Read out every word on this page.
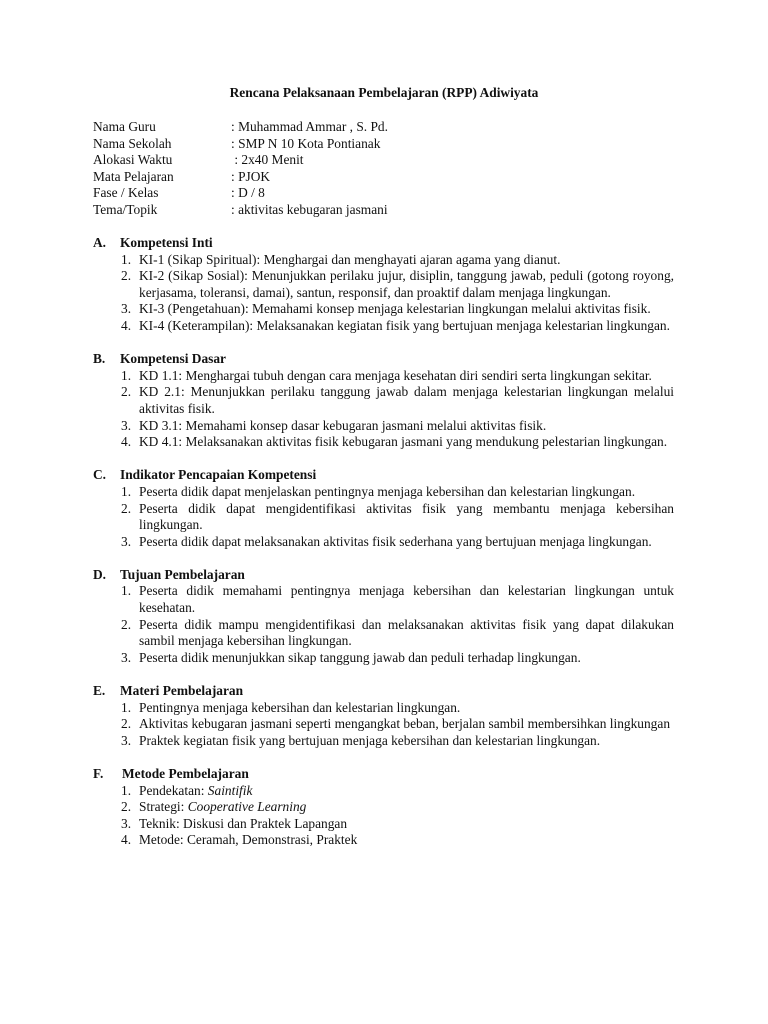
Rencana Pelaksanaan Pembelajaran (RPP) Adiwiyata
Nama Guru	: Muhammad Ammar , S. Pd.
Nama Sekolah	: SMP N 10 Kota Pontianak
Alokasi Waktu	: 2x40 Menit
Mata Pelajaran	: PJOK
Fase / Kelas	: D / 8
Tema/Topik	: aktivitas kebugaran jasmani
A.	Kompetensi Inti
1. KI-1 (Sikap Spiritual): Menghargai dan menghayati ajaran agama yang dianut.
2. KI-2 (Sikap Sosial): Menunjukkan perilaku jujur, disiplin, tanggung jawab, peduli (gotong royong, kerjasama, toleransi, damai), santun, responsif, dan proaktif dalam menjaga lingkungan.
3. KI-3 (Pengetahuan): Memahami konsep menjaga kelestarian lingkungan melalui aktivitas fisik.
4. KI-4 (Keterampilan): Melaksanakan kegiatan fisik yang bertujuan menjaga kelestarian lingkungan.
B.	Kompetensi Dasar
1. KD 1.1: Menghargai tubuh dengan cara menjaga kesehatan diri sendiri serta lingkungan sekitar.
2. KD 2.1: Menunjukkan perilaku tanggung jawab dalam menjaga kelestarian lingkungan melalui aktivitas fisik.
3. KD 3.1: Memahami konsep dasar kebugaran jasmani melalui aktivitas fisik.
4. KD 4.1: Melaksanakan aktivitas fisik kebugaran jasmani yang mendukung pelestarian lingkungan.
C.	Indikator Pencapaian Kompetensi
1. Peserta didik dapat menjelaskan pentingnya menjaga kebersihan dan kelestarian lingkungan.
2. Peserta didik dapat mengidentifikasi aktivitas fisik yang membantu menjaga kebersihan lingkungan.
3. Peserta didik dapat melaksanakan aktivitas fisik sederhana yang bertujuan menjaga lingkungan.
D.	Tujuan Pembelajaran
1. Peserta didik memahami pentingnya menjaga kebersihan dan kelestarian lingkungan untuk kesehatan.
2. Peserta didik mampu mengidentifikasi dan melaksanakan aktivitas fisik yang dapat dilakukan sambil menjaga kebersihan lingkungan.
3. Peserta didik menunjukkan sikap tanggung jawab dan peduli terhadap lingkungan.
E.	Materi Pembelajaran
1. Pentingnya menjaga kebersihan dan kelestarian lingkungan.
2. Aktivitas kebugaran jasmani seperti mengangkat beban, berjalan sambil membersihkan lingkungan
3. Praktek kegiatan fisik yang bertujuan menjaga kebersihan dan kelestarian lingkungan.
F.	Metode Pembelajaran
1. Pendekatan: Saintifik
2. Strategi: Cooperative Learning
3. Teknik: Diskusi dan Praktek Lapangan
4. Metode: Ceramah, Demonstrasi, Praktek
